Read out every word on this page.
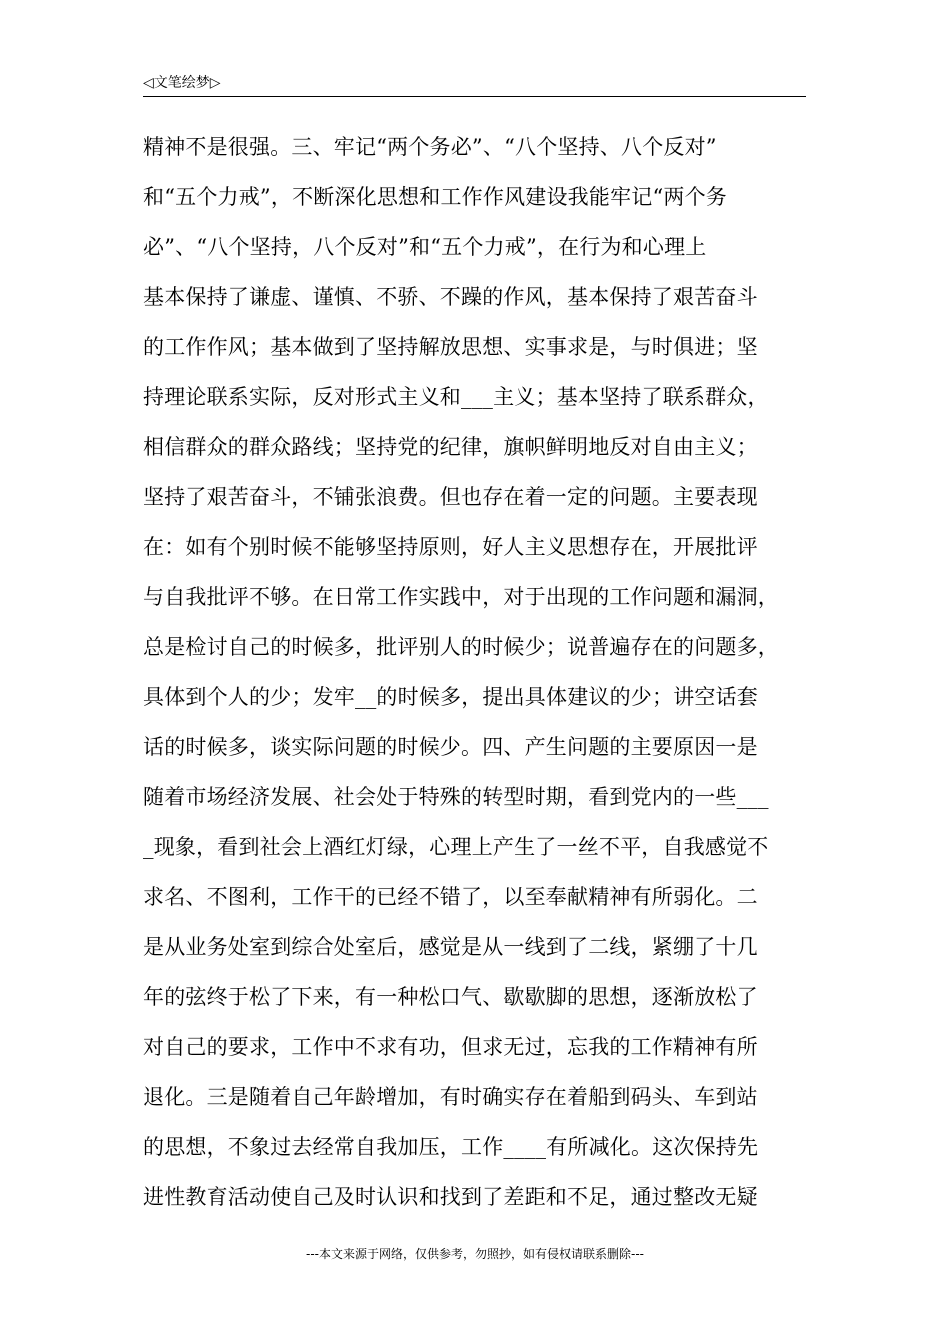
◁文笔绘梦▷
精神不是很强。三、牢记“两个务必”、“八个坚持、八个反对”
和“五个力戒”，不断深化思想和工作作风建设我能牢记“两个务
必”、“八个坚持，八个反对”和“五个力戒”，在行为和心理上
基本保持了谦虚、谨慎、不骄、不躁的作风，基本保持了艰苦奋斗
的工作作风；基本做到了坚持解放思想、实事求是，与时俱进；坚
持理论联系实际，反对形式主义和___主义；基本坚持了联系群众，
相信群众的群众路线；坚持党的纪律，旗帜鲜明地反对自由主义；
坚持了艰苦奋斗，不铺张浪费。但也存在着一定的问题。主要表现
在：如有个别时候不能够坚持原则，好人主义思想存在，开展批评
与自我批评不够。在日常工作实践中，对于出现的工作问题和漏洞，
总是检讨自己的时候多，批评别人的时候少；说普遍存在的问题多，
具体到个人的少；发牢__的时候多，提出具体建议的少；讲空话套
话的时候多，谈实际问题的时候少。四、产生问题的主要原因一是
随着市场经济发展、社会处于特殊的转型时期，看到党内的一些___
_现象，看到社会上酒红灯绿，心理上产生了一丝不平，自我感觉不
求名、不图利，工作干的已经不错了，以至奉献精神有所弱化。二
是从业务处室到综合处室后，感觉是从一线到了二线，紧绷了十几
年的弦终于松了下来，有一种松口气、歇歇脚的思想，逐渐放松了
对自己的要求，工作中不求有功，但求无过，忘我的工作精神有所
退化。三是随着自己年龄增加，有时确实存在着船到码头、车到站
的思想，不象过去经常自我加压，工作____有所减化。这次保持先
进性教育活动使自己及时认识和找到了差距和不足，通过整改无疑
---本文来源于网络，仅供参考，勿照抄，如有侵权请联系删除---
